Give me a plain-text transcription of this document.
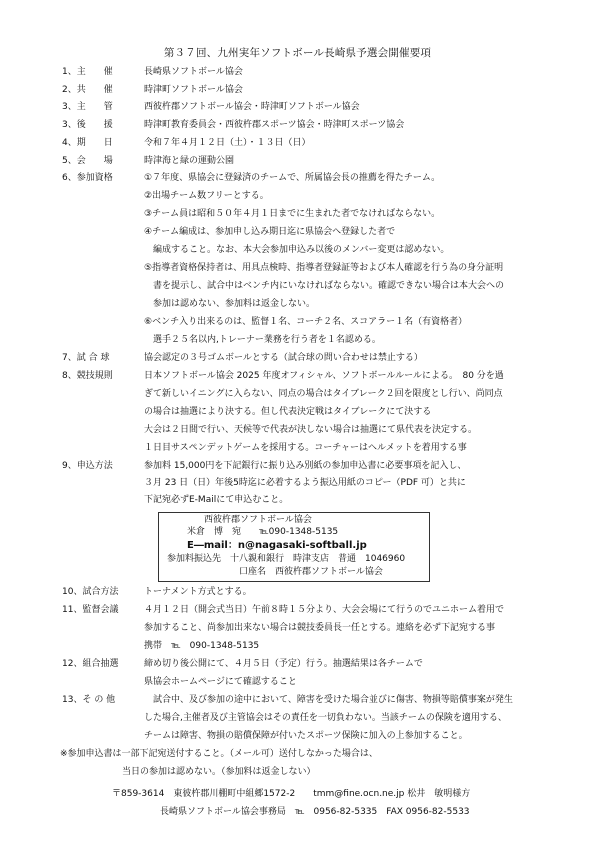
第３７回、九州実年ソフトボール長崎県予選会開催要項
1、主　　催	長崎県ソフトボール協会
2、共　　催	時津町ソフトボール協会
3、主　　管	西彼杵郡ソフトボール協会・時津町ソフトボール協会
3、後　　援	時津町教育委員会・西彼杵郡スポーツ協会・時津町スポーツ協会
4、期　　日	令和７年４月１２日（土）・１３日（日）
5、会　　場	時津海と緑の運動公園
6、参加資格	①７年度、県協会に登録済のチームで、所属協会長の推薦を得たチーム。
②出場チーム数フリーとする。
③チーム員は昭和５０年４月１日までに生まれた者でなければならない。
④チーム編成は、参加申し込み期日迄に県協会へ登録した者で
　編成すること。なお、本大会参加申込み以後のメンバー変更は認めない。
⑤指導者資格保持者は、用具点検時、指導者登録証等および本人確認を行う為の身分証明
　書を提示し、試合中はベンチ内にいなければならない。確認できない場合は本大会への
　参加は認めない、参加料は返金しない。
⑥ベンチ入り出来るのは、監督１名、コーチ２名、スコアラー１名（有資格者）
　選手２５名以内,トレーナー業務を行う者を１名認める。
7、試 合 球	協会認定の３号ゴムボールとする（試合球の問い合わせは禁止する）
8、競技規則	日本ソフトボール協会 2025 年度オフィシャル、ソフトボールルールによる。　80 分を過
ぎて新しいイニングに入らない、同点の場合はタイブレーク２回を限度とし行い、尚同点
の場合は抽選により決する。但し代表決定戦はタイブレークにて決する
大会は２日間で行い、天候等で代表が決しない場合は抽選にて県代表を決定する。
１日目サスペンデットゲームを採用する。コーチャーはヘルメットを着用する事
9、申込方法	参加料 15,000円を下記銀行に振り込み別紙の参加申込書に必要事項を記入し、
３月 23 日（日）年後5時迄に必着するよう振込用紙のコピー（PDF 可）と共に
下記宛必ずE-Mailにて申込むこと。
西彼杵郡ソフトボール協会
米倉　博　宛　　℡090-1348-5135
E―mail：n@nagasaki-softball.jp
参加料振込先　十八親和銀行　時津支店　普通　1046960
口座名　西彼杵郡ソフトボール協会
10、試合方法	トーナメント方式とする。
11、監督会議	４月１２日（開会式当日）午前８時１５分より、大会会場にて行うのでユニホーム着用で
参加すること、尚参加出来ない場合は競技委員長一任とする。連絡を必ず下記宛する事
携帯　℡　090-1348-5135
12、組合抽選	締め切り後公開にて、４月５日（予定）行う。抽選結果は各チームで
県協会ホームページにて確認すること
13、そ の 他	　試合中、及び参加の途中において、障害を受けた場合並びに傷害、物損等賠償事案が発生
した場合,主催者及び主管協会はその責任を一切負わない。当該チームの保険を適用する、
チームは障害、物損の賠償保障が付いたスポーツ保険に加入の上参加すること。
※参加申込書は一部下記宛送付すること。（メール可）送付しなかった場合は、
当日の参加は認めない。（参加料は返金しない）
〒859-3614　東彼杵郡川棚町中組郷1572-2　　tmm@fine.ocn.ne.jp 松井　敏明様方
長崎県ソフトボール協会事務局　℡　0956-82-5335　FAX 0956-82-5533
